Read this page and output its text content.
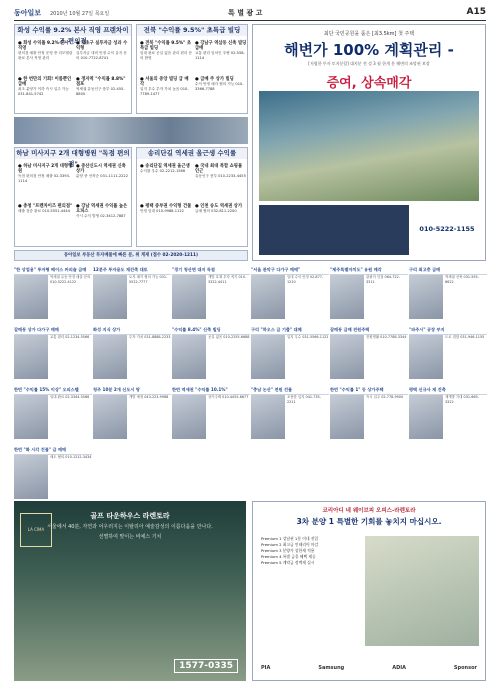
동아일보 2010년 10월 27일 목요일	특 별 광 고	A15
화성 수익률 9.2% 본사 직영 프랜차이즈 편의점
● 화성 수익률 9.2% 본사 직영
편의점 매출 안정 운영 중 리모델링 완료 본사 직영 관리
● 서초구 실투자금 성과 수익형
실투자금 대비 안정 수익 유지 문의 010-7722-8741
● 한 번만의 기회! 이름뿐인 급매
최초 분양가 이하 즉시 입주 가능 031-841-5742
● 정자역 "수익률 8.8%" 점포
역세권 유동인구 풍부 02-455-8800
전북 "수익률 9.5%" 초특급 빌딩
● 전북 "수익률 9.5%" 초특급 빌딩
임대 완료 공실 없음 관리 편리 문의 환영
● 강남구 역삼동 신축 빌딩 급매
교통 편리 임차인 우량 02-558-1114
● 서울의 중앙 빌딩 급 매각
입지 우수 투자 가치 높음 010-7789-1477
● 급매 주 상가 빌딩
수익 안정 매각 협의 가능 010-3366-7788
하남 미사지구 2개 대형병원 "독점 편의점"
● 하남 미사지구 2개 대형병원
독점 편의점 안정 매출 02-3393-1114
● 중산신도시 역세권 신축 상가
분양 중 선착순 031-1111-2222
● 충청 "프렌차이즈 편의점"
매출 검증 완료 010-5551-4444
● 강남 역세권 수익률 높은 오피스
즉시 수익 발생 02-3412-7887
송리단길 역세권 올근생 수익률
● 송리단길 역세권 올근생
수익률 우수 02-2212-1566
● 국내 최대 복합 쇼핑몰 인근
유동인구 풍부 010-2233-4455
● 평택 중부권 수익형 건물
안정 임대 010-9988-1122
● 인천 송도 역세권 상가
급매 협의 032-811-2200
동아일보 부동산 투자매물에 빠른 분, 위 게재 (접수 02-2020-1211)
최단 국민공원을 품은 [최3.5km] 첫 주택
해변가 100% 계획관리 -
[저렴한 투자 토지분할] 대지분 전 성 3 월 한개 분 해변의 조망권 보장
증여, 상속매각
010-5222-1155
"한 상업용" 투자형 베이스 커피숍 급매
역세권 유동 안정 매출 문의 010-5222-4122
12분주 투자용도 재건축 대토
토지 매각 협의 가능 031-5522-7777
"경기 청산면 대지 독점
개발 호재 투자 적기 010-3322-4411
"서울 관악구 다가구 매매"
임대 수익 안정 02-877-1210
"제주특별자치도" 유원 매각
관광지 인접 064-722-3311
구리 최고층 급매
역세권 신축 031-555-6622
갈매동 상가 다가구 매매
교통 편리 02-1234-5566
화성 지식 상가
투자 가치 031-8888-2233
"수익률 8.4%" 신축 빌딩
공실 없음 010-2255-6688
구리 "하오스 급 기출" 대체
입지 우수 031-5566-1122
갈매동 급매 전원주택
전원생활 010-7788-3344
"파주시" 공장 부지
도로 접함 031-946-1155
한번 "수익률 15% 이상" 오피스텔
임대 완료 02-3344-5566
청주 10분 2개 신도시 땅
개발 예정 043-223-9988
한번 역세권 "수익률 10.1%"
상가주택 010-4455-6677
"충남 논산" 전원 건물
조용한 입지 041-735-2211
한번 "수익률 1" 등 상가주택
즉시 입주 02-778-9900
평택 신규사 재 건축
재개발 기대 031-665-3322
한번 "화 시각 건물" 급 매매
매도 협의 010-1212-3434
LA CIMA
골프 타운하우스 라렌토라
서울에서 40분, 자연과 어우러지는 이탈리아 예술감성의 이름다움을 만나다.
선별하여 맞이는 비예스 기치
1577-0335
코리아디 네 웨이브피 오피스-라렌토라
3차 분양 1 특별한 기회를 놓치지 마십시오.
Premium 1 강남권 1분 이내 진입
Premium 2 최고급 인테리어 마감
Premium 3 분양가 상한제 적용
Premium 4 특별 금융 혜택 제공
Premium 5 계약금 정액제 실시
PIA	Samsung	ADIA	Sponsor
